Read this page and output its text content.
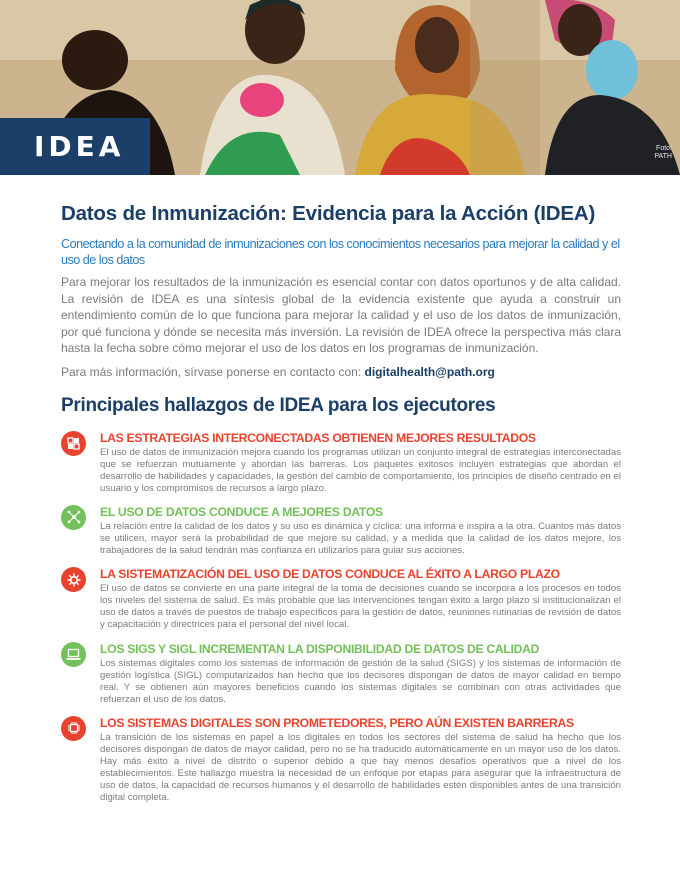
IDEA	Foto:
PATH
Datos de Inmunización: Evidencia para la Acción (IDEA)
Conectando a la comunidad de inmunizaciones con los conocimientos necesarios para mejorar la calidad y el uso de los datos
Para mejorar los resultados de la inmunización es esencial contar con datos oportunos y de alta calidad. La revisión de IDEA es una síntesis global de la evidencia existente que ayuda a construir un entendimiento común de lo que funciona para mejorar la calidad y el uso de los datos de inmunización, por qué funciona y dónde se necesita más inversión. La revisión de IDEA ofrece la perspectiva más clara hasta la fecha sobre cómo mejorar el uso de los datos en los programas de inmunización.
Para más información, sírvase ponerse en contacto con: digitalhealth@path.org
Principales hallazgos de IDEA para los ejecutores
LAS ESTRATEGIAS INTERCONECTADAS OBTIENEN MEJORES RESULTADOS
El uso de datos de inmunización mejora cuando los programas utilizan un conjunto integral de estrategias interconectadas que se refuerzan mutuamente y abordan las barreras. Los paquetes exitosos incluyen estrategias que abordan el desarrollo de habilidades y capacidades, la gestión del cambio de comportamiento, los principios de diseño centrado en el usuario y los compromisos de recursos a largo plazo.
EL USO DE DATOS CONDUCE A MEJORES DATOS
La relación entre la calidad de los datos y su uso es dinámica y cíclica: una informa e inspira a la otra. Cuantos más datos se utilicen, mayor será la probabilidad de que mejore su calidad, y a medida que la calidad de los datos mejore, los trabajadores de la salud tendrán más confianza en utilizarlos para guiar sus acciones.
LA SISTEMATIZACIÓN DEL USO DE DATOS CONDUCE AL ÉXITO A LARGO PLAZO
El uso de datos se convierte en una parte integral de la toma de decisiones cuando se incorpora a los procesos en todos los niveles del sistema de salud. Es más probable que las intervenciones tengan éxito a largo plazo si institucionalizan el uso de datos a través de puestos de trabajo específicos para la gestión de datos, reuniones rutinarias de revisión de datos y capacitación y directrices para el personal del nivel local.
LOS SIGS Y SIGL INCREMENTAN LA DISPONIBILIDAD DE DATOS DE CALIDAD
Los sistemas digitales como los sistemas de información de gestión de la salud (SIGS) y los sistemas de información de gestión logística (SIGL) computarizados han hecho que los decisores dispongan de datos de mayor calidad en tiempo real. Y se obtienen aún mayores beneficios cuando los sistemas digitales se combinan con otras actividades que refuerzan el uso de los datos.
LOS SISTEMAS DIGITALES SON PROMETEDORES, PERO AÚN EXISTEN BARRERAS
La transición de los sistemas en papel a los digitales en todos los sectores del sistema de salud ha hecho que los decisores dispongan de datos de mayor calidad, pero no se ha traducido automáticamente en un mayor uso de los datos. Hay más éxito a nivel de distrito o superior debido a que hay menos desafíos operativos que a nivel de los establecimientos. Este hallazgo muestra la necesidad de un enfoque por etapas para asegurar que la infraestructura de uso de datos, la capacidad de recursos humanos y el desarrollo de habilidades estén disponibles antes de una transición digital completa.
